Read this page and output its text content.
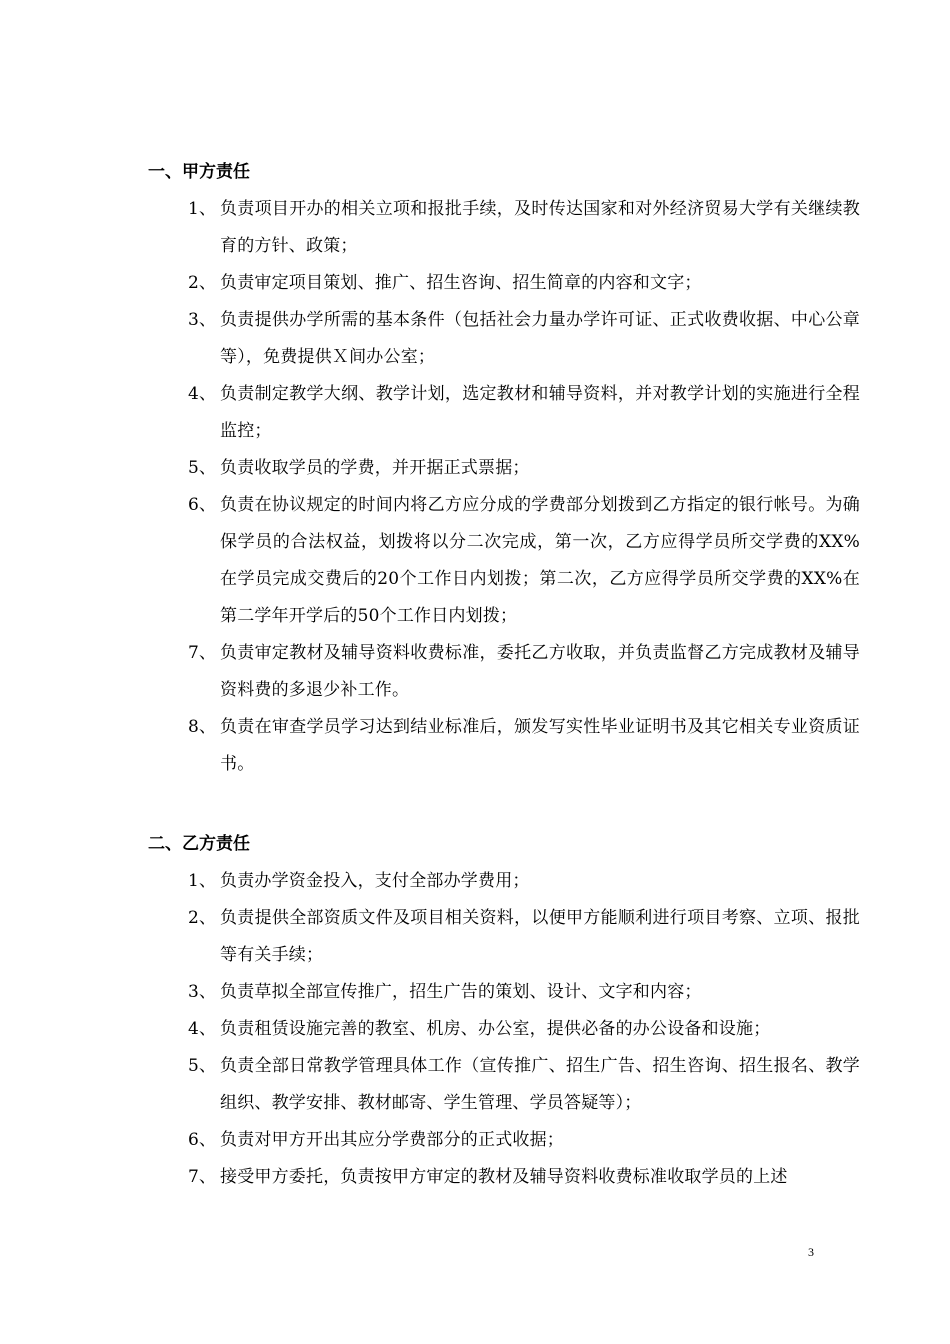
一、甲方责任
1、 负责项目开办的相关立项和报批手续，及时传达国家和对外经济贸易大学有关继续教育的方针、政策；
2、 负责审定项目策划、推广、招生咨询、招生简章的内容和文字；
3、 负责提供办学所需的基本条件（包括社会力量办学许可证、正式收费收据、中心公章等），免费提供Ｘ间办公室；
4、 负责制定教学大纲、教学计划，选定教材和辅导资料，并对教学计划的实施进行全程监控；
5、 负责收取学员的学费，并开据正式票据；
6、 负责在协议规定的时间内将乙方应分成的学费部分划拨到乙方指定的银行帐号。为确保学员的合法权益，划拨将以分二次完成，第一次，乙方应得学员所交学费的XX%在学员完成交费后的20个工作日内划拨；第二次，乙方应得学员所交学费的XX%在第二学年开学后的50个工作日内划拨；
7、 负责审定教材及辅导资料收费标准，委托乙方收取，并负责监督乙方完成教材及辅导资料费的多退少补工作。
8、 负责在审查学员学习达到结业标准后，颁发写实性毕业证明书及其它相关专业资质证书。
二、乙方责任
1、 负责办学资金投入，支付全部办学费用；
2、 负责提供全部资质文件及项目相关资料，以便甲方能顺利进行项目考察、立项、报批等有关手续；
3、 负责草拟全部宣传推广，招生广告的策划、设计、文字和内容；
4、 负责租赁设施完善的教室、机房、办公室，提供必备的办公设备和设施；
5、 负责全部日常教学管理具体工作（宣传推广、招生广告、招生咨询、招生报名、教学组织、教学安排、教材邮寄、学生管理、学员答疑等）；
6、 负责对甲方开出其应分学费部分的正式收据；
7、 接受甲方委托，负责按甲方审定的教材及辅导资料收费标准收取学员的上述
3
